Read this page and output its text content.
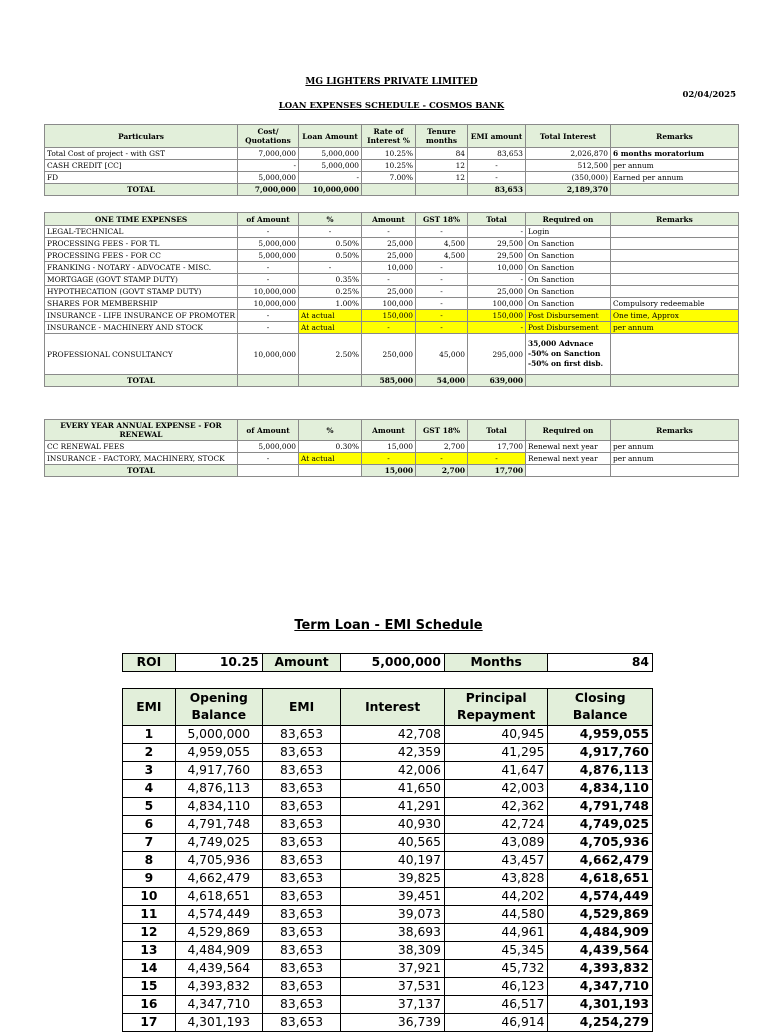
MG LIGHTERS PRIVATE LIMITED
02/04/2025
LOAN EXPENSES SCHEDULE - COSMOS BANK
Particulars	Cost/ Quotations	Loan Amount	Rate of Interest %	Tenure months	EMI amount	Total Interest	Remarks
Total Cost of project - with GST	7,000,000	5,000,000	10.25%	84	83,653	2,026,870	6 months moratorium
CASH CREDIT [CC]	-	5,000,000	10.25%	12	-	512,500	per annum
FD	5,000,000	-	7.00%	12	-	(350,000)	Earned per annum
TOTAL	7,000,000	10,000,000			83,653	2,189,370	
ONE TIME EXPENSES	of Amount	%	Amount	GST 18%	Total	Required on	Remarks
LEGAL-TECHNICAL	-	-	-	-	-	Login	
PROCESSING FEES - FOR TL	5,000,000	0.50%	25,000	4,500	29,500	On Sanction	
PROCESSING FEES - FOR CC	5,000,000	0.50%	25,000	4,500	29,500	On Sanction	
FRANKING - NOTARY - ADVOCATE - MISC.	-	-	10,000	-	10,000	On Sanction	
MORTGAGE (GOVT STAMP DUTY)	-	0.35%	-	-	-	On Sanction	
HYPOTHECATION (GOVT STAMP DUTY)	10,000,000	0.25%	25,000	-	25,000	On Sanction	
SHARES FOR MEMBERSHIP	10,000,000	1.00%	100,000	-	100,000	On Sanction	Compulsory redeemable
INSURANCE - LIFE INSURANCE OF PROMOTER	-	At actual	150,000	-	150,000	Post Disbursement	One time, Approx
INSURANCE - MACHINERY AND STOCK	-	At actual	-	-	-	Post Disbursement	per annum
PROFESSIONAL CONSULTANCY	10,000,000	2.50%	250,000	45,000	295,000	35,000 Advnace
-50% on Sanction
-50% on first disb.	

TOTAL			585,000	54,000	639,000		
EVERY YEAR ANNUAL EXPENSE - FOR RENEWAL	of Amount	%	Amount	GST 18%	Total	Required on	Remarks
CC RENEWAL FEES	5,000,000	0.30%	15,000	2,700	17,700	Renewal next year	per annum
INSURANCE - FACTORY, MACHINERY, STOCK	-	At actual	-	-	-	Renewal next year	per annum
TOTAL			15,000	2,700	17,700		
Term Loan - EMI Schedule
ROI	10.25	Amount	5,000,000	Months	84
EMI	Opening Balance	EMI	Interest	Principal Repayment	Closing Balance
1	5,000,000	83,653	42,708	40,945	4,959,055
2	4,959,055	83,653	42,359	41,295	4,917,760
3	4,917,760	83,653	42,006	41,647	4,876,113
4	4,876,113	83,653	41,650	42,003	4,834,110
5	4,834,110	83,653	41,291	42,362	4,791,748
6	4,791,748	83,653	40,930	42,724	4,749,025
7	4,749,025	83,653	40,565	43,089	4,705,936
8	4,705,936	83,653	40,197	43,457	4,662,479
9	4,662,479	83,653	39,825	43,828	4,618,651
10	4,618,651	83,653	39,451	44,202	4,574,449
11	4,574,449	83,653	39,073	44,580	4,529,869
12	4,529,869	83,653	38,693	44,961	4,484,909
13	4,484,909	83,653	38,309	45,345	4,439,564
14	4,439,564	83,653	37,921	45,732	4,393,832
15	4,393,832	83,653	37,531	46,123	4,347,710
16	4,347,710	83,653	37,137	46,517	4,301,193
17	4,301,193	83,653	36,739	46,914	4,254,279
